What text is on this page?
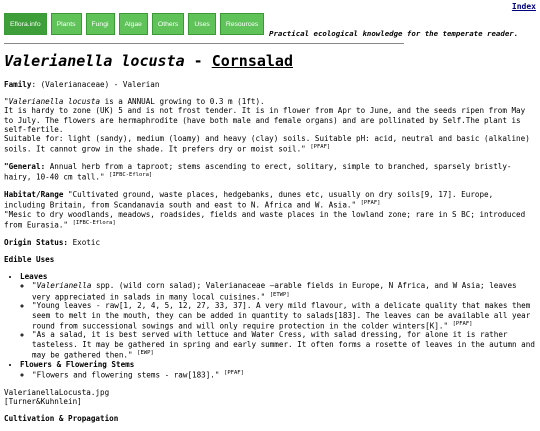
Index
Eflora.info	Plants	Fungi	Algae	Others	Uses	Resources
Practical ecological knowledge for the temperate reader.
Valerianella locusta - Cornsalad

Family: (Valerianaceae) - Valerian

"Valerianella locusta is a ANNUAL growing to 0.3 m (1ft).
It is hardy to zone (UK) 5 and is not frost tender. It is in flower from Apr to June, and the seeds ripen from May to July. The flowers are hermaphrodite (have both male and female organs) and are pollinated by Self.The plant is self-fertile.
Suitable for: light (sandy), medium (loamy) and heavy (clay) soils. Suitable pH: acid, neutral and basic (alkaline) soils. It cannot grow in the shade. It prefers dry or moist soil." [PFAF]

"General: Annual herb from a taproot; stems ascending to erect, solitary, simple to branched, sparsely bristly-hairy, 10-40 cm tall." [IFBC-Eflora]

Habitat/Range "Cultivated ground, waste places, hedgebanks, dunes etc, usually on dry soils[9, 17]. Europe, including Britain, from Scandanavia south and east to N. Africa and W. Asia." [PFAF]
"Mesic to dry woodlands, meadows, roadsides, fields and waste places in the lowland zone; rare in S BC; introduced from Eurasia." [IFBC-Eflora]

Origin Status: Exotic

Edible Uses
• Leaves
◦ "Valerianella spp. (wild corn salad); Valerianaceae –arable fields in Europe, N Africa, and W Asia; leaves very appreciated in salads in many local cuisines." [ETWP]
◦ "Young leaves - raw[1, 2, 4, 5, 12, 27, 33, 37]. A very mild flavour, with a delicate quality that makes them seem to melt in the mouth, they can be added in quantity to salads[183]. The leaves can be available all year round from successional sowings and will only require protection in the colder winters[K]." [PFAF]
◦ "As a salad, it is best served with lettuce and Water Cress, with salad dressing, for alone it is rather tasteless. It may be gathered in spring and early summer. It often forms a rosette of leaves in the autumn and may be gathered then." [EWP]
• Flowers & Flowering Stems
◦ "Flowers and flowering stems - raw[183]." [PFAF]

ValerianellaLocusta.jpg
[Turner&Kuhnlein]

Cultivation & Propagation
